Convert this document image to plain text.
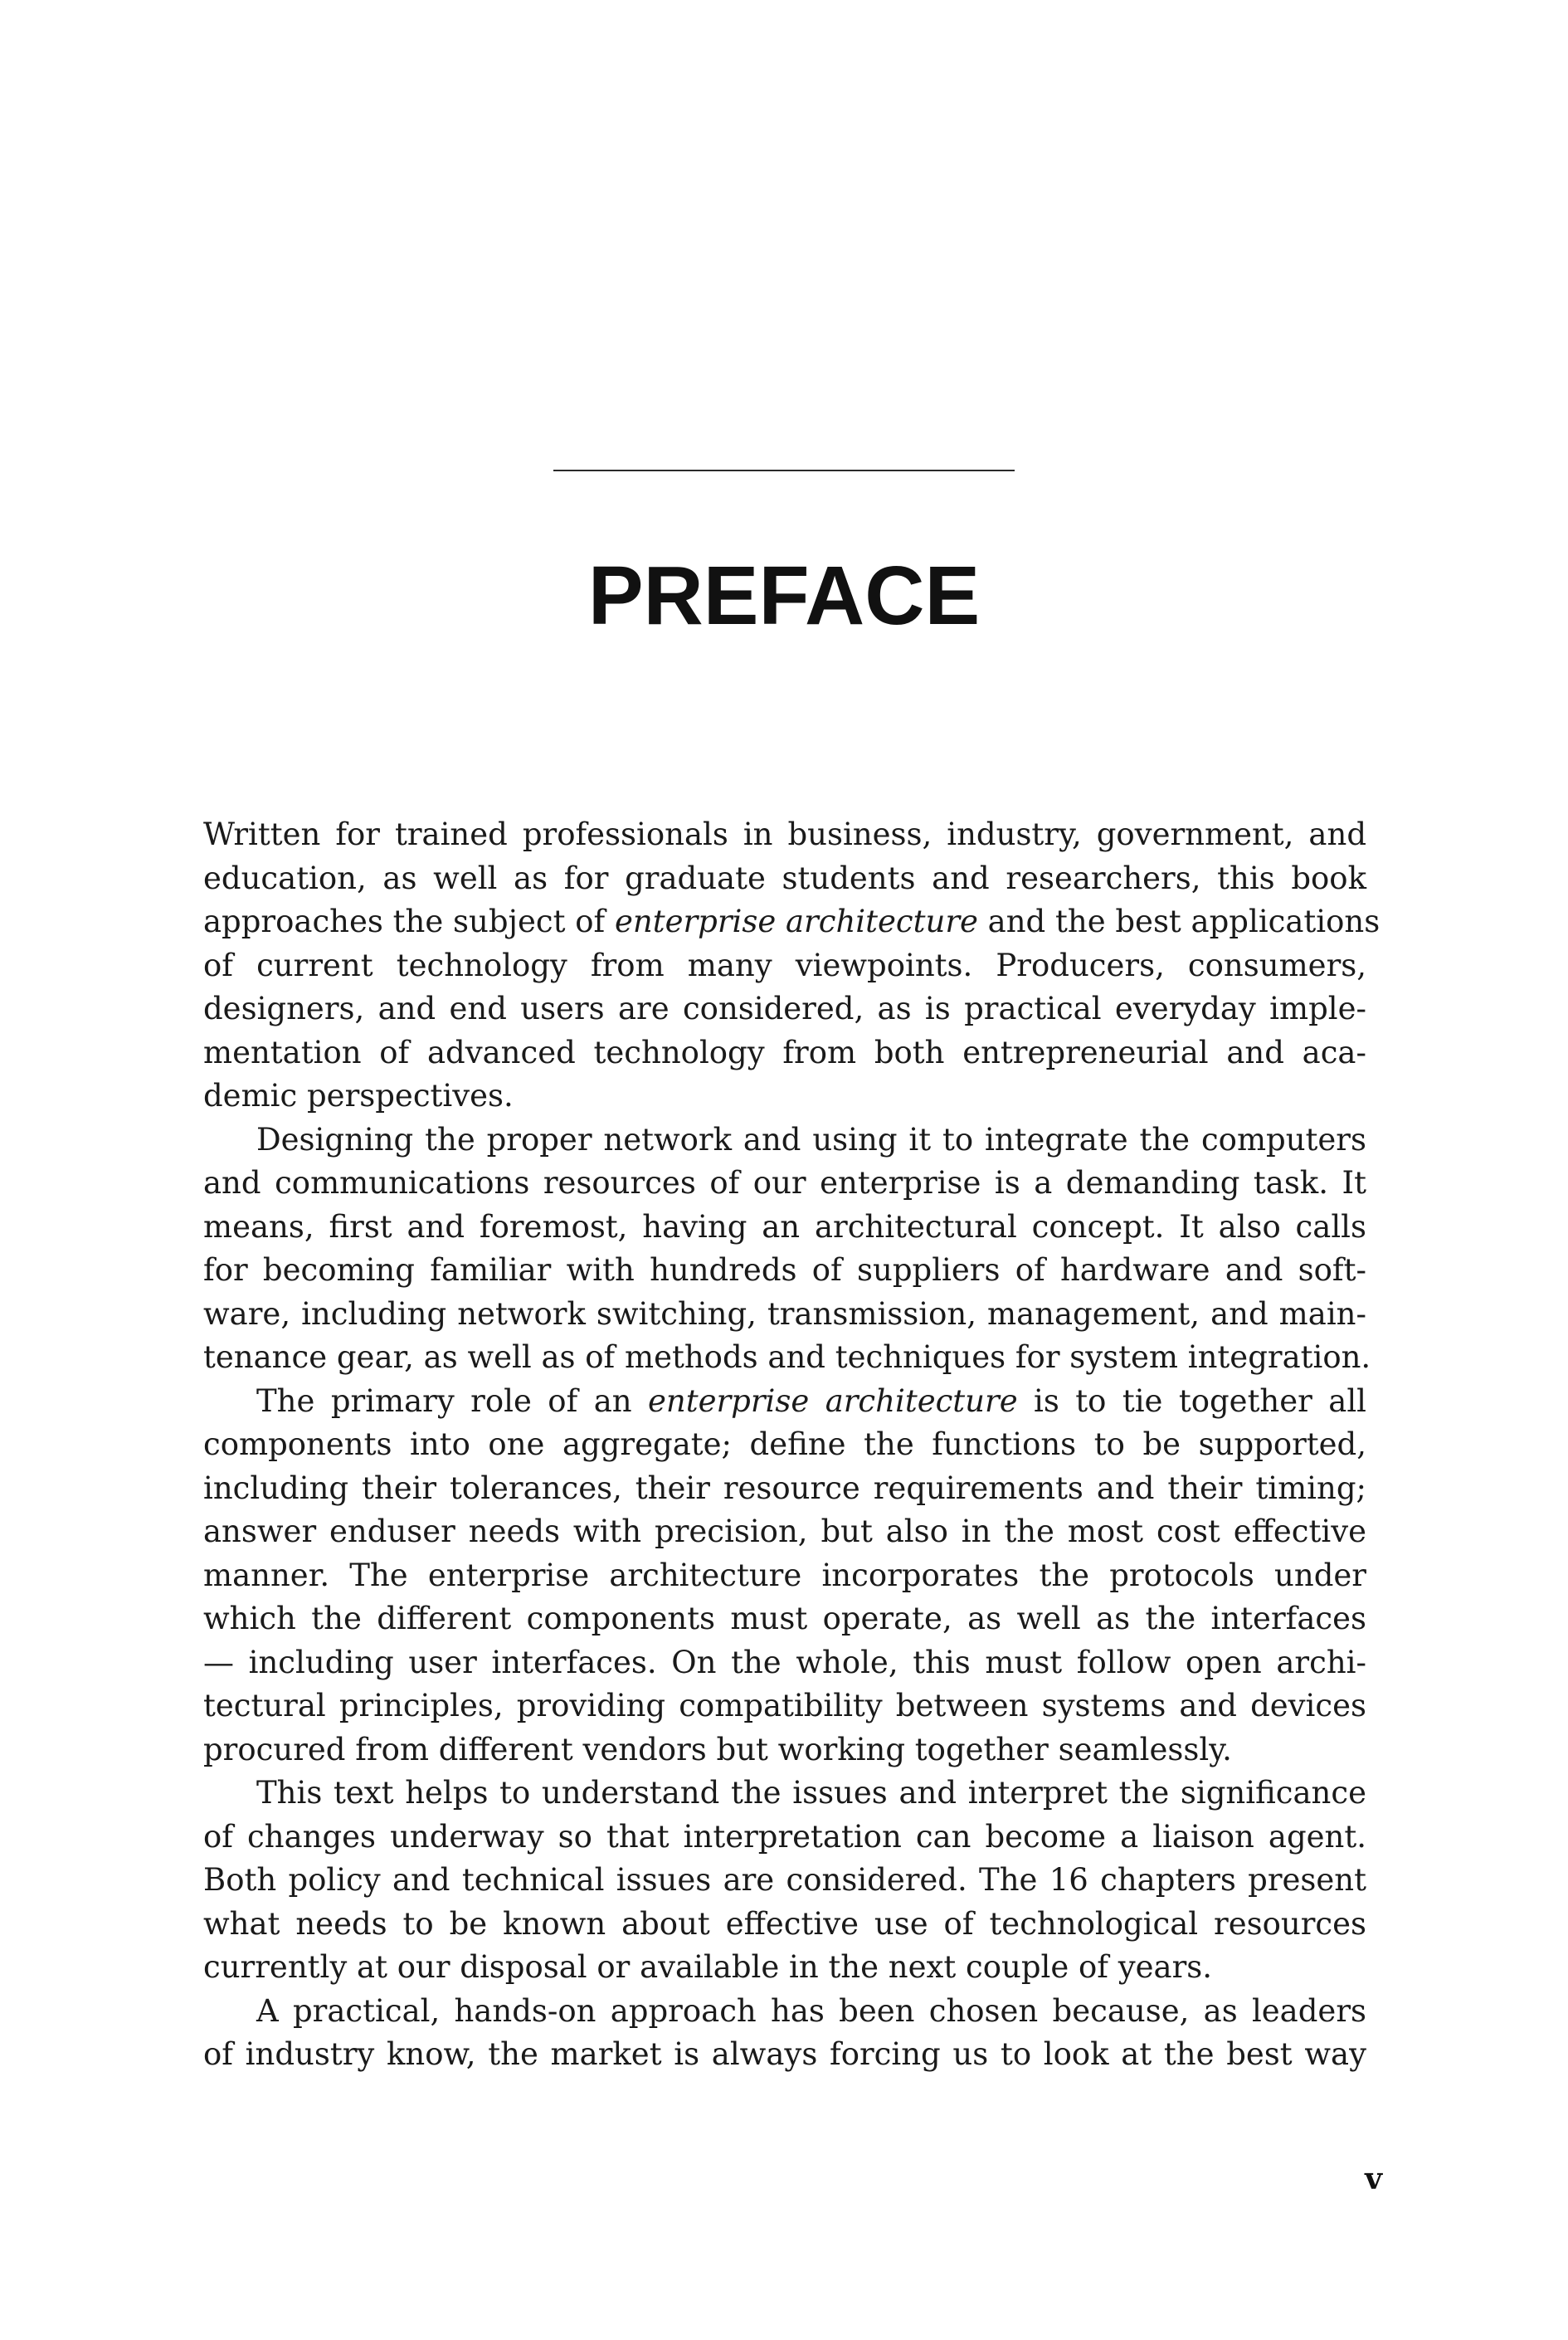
PREFACE
Written for trained professionals in business, industry, government, and
education, as well as for graduate students and researchers, this book
approaches the subject of enterprise architecture and the best applications
of current technology from many viewpoints. Producers, consumers,
designers, and end users are considered, as is practical everyday imple-
mentation of advanced technology from both entrepreneurial and aca-
demic perspectives.
Designing the proper network and using it to integrate the computers
and communications resources of our enterprise is a demanding task. It
means, first and foremost, having an architectural concept. It also calls
for becoming familiar with hundreds of suppliers of hardware and soft-
ware, including network switching, transmission, management, and main-
tenance gear, as well as of methods and techniques for system integration.
The primary role of an enterprise architecture is to tie together all
components into one aggregate; define the functions to be supported,
including their tolerances, their resource requirements and their timing;
answer enduser needs with precision, but also in the most cost effective
manner. The enterprise architecture incorporates the protocols under
which the different components must operate, as well as the interfaces
— including user interfaces. On the whole, this must follow open archi-
tectural principles, providing compatibility between systems and devices
procured from different vendors but working together seamlessly.
This text helps to understand the issues and interpret the significance
of changes underway so that interpretation can become a liaison agent.
Both policy and technical issues are considered. The 16 chapters present
what needs to be known about effective use of technological resources
currently at our disposal or available in the next couple of years.
A practical, hands-on approach has been chosen because, as leaders
of industry know, the market is always forcing us to look at the best way
v
